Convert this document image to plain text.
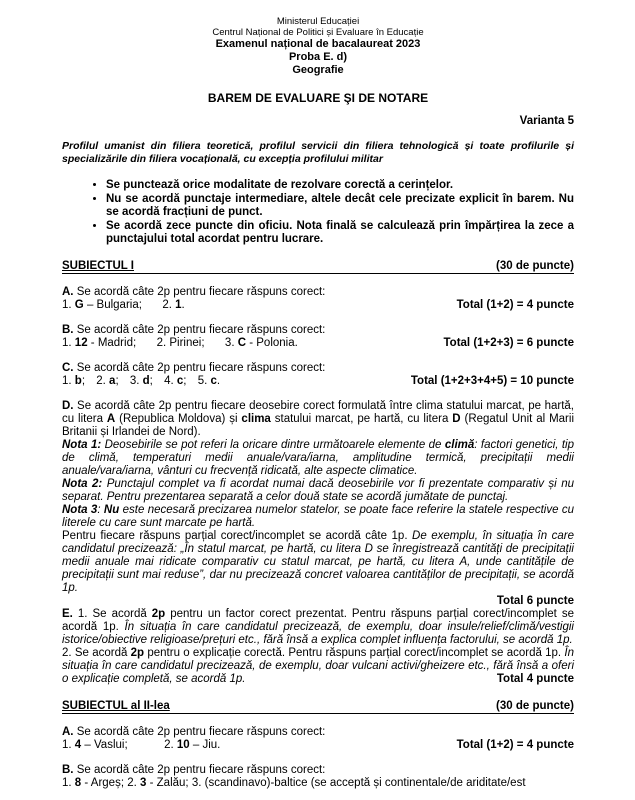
Ministerul Educației
Centrul Național de Politici și Evaluare în Educație
Examenul național de bacalaureat 2023
Proba E. d)
Geografie
BAREM DE EVALUARE ŞI DE NOTARE
Varianta 5
Profilul umanist din filiera teoretică, profilul servicii din filiera tehnologică și toate profilurile și specializările din filiera vocațională, cu excepția profilului militar
• Se punctează orice modalitate de rezolvare corectă a cerințelor.
• Nu se acordă punctaje intermediare, altele decât cele precizate explicit în barem. Nu se acordă fracțiuni de punct.
• Se acordă zece puncte din oficiu. Nota finală se calculează prin împărțirea la zece a punctajului total acordat pentru lucrare.
SUBIECTUL I	(30 de puncte)
A. Se acordă câte 2p pentru fiecare răspuns corect:
1. G – Bulgaria; 2. 1.	Total (1+2) = 4 puncte
B. Se acordă câte 2p pentru fiecare răspuns corect:
1. 12 - Madrid; 2. Pirinei; 3. C - Polonia.	Total (1+2+3) = 6 puncte
C. Se acordă câte 2p pentru fiecare răspuns corect:
1. b; 2. a; 3. d; 4. c; 5. c.	Total (1+2+3+4+5) = 10 puncte
D. Se acordă câte 2p pentru fiecare deosebire corect formulată între clima statului marcat, pe hartă, cu litera A (Republica Moldova) și clima statului marcat, pe hartă, cu litera D (Regatul Unit al Marii Britanii și Irlandei de Nord).
Nota 1: Deosebirile se pot referi la oricare dintre următoarele elemente de climă: factori genetici, tip de climă, temperaturi medii anuale/vara/iarna, amplitudine termică, precipitații medii anuale/vara/iarna, vânturi cu frecvență ridicată, alte aspecte climatice.
Nota 2: Punctajul complet va fi acordat numai dacă deosebirile vor fi prezentate comparativ și nu separat. Pentru prezentarea separată a celor două state se acordă jumătate de punctaj.
Nota 3: Nu este necesară precizarea numelor statelor, se poate face referire la statele respective cu literele cu care sunt marcate pe hartă.
Pentru fiecare răspuns parțial corect/incomplet se acordă câte 1p. De exemplu, în situația în care candidatul precizează: „În statul marcat, pe hartă, cu litera D se înregistrează cantități de precipitații medii anuale mai ridicate comparativ cu statul marcat, pe hartă, cu litera A, unde cantitățile de precipitații sunt mai reduse”, dar nu precizează concret valoarea cantităților de precipitații, se acordă 1p.
Total 6 puncte
E. 1. Se acordă 2p pentru un factor corect prezentat. Pentru răspuns parțial corect/incomplet se acordă 1p. În situația în care candidatul precizează, de exemplu, doar insule/relief/climă/vestigii istorice/obiective religioase/prețuri etc., fără însă a explica complet influența factorului, se acordă 1p.
2. Se acordă 2p pentru o explicație corectă. Pentru răspuns parțial corect/incomplet se acordă 1p. În situația în care candidatul precizează, de exemplu, doar vulcani activi/gheizere etc., fără însă a oferi o explicație completă, se acordă 1p.	Total 4 puncte
SUBIECTUL al II-lea	(30 de puncte)
A. Se acordă câte 2p pentru fiecare răspuns corect:
1. 4 – Vaslui;	2. 10 – Jiu.	Total (1+2) = 4 puncte
B. Se acordă câte 2p pentru fiecare răspuns corect:
1. 8 - Argeș; 2. 3 - Zalău; 3. (scandinavo)-baltice (se acceptă și continentale/de ariditate/est
